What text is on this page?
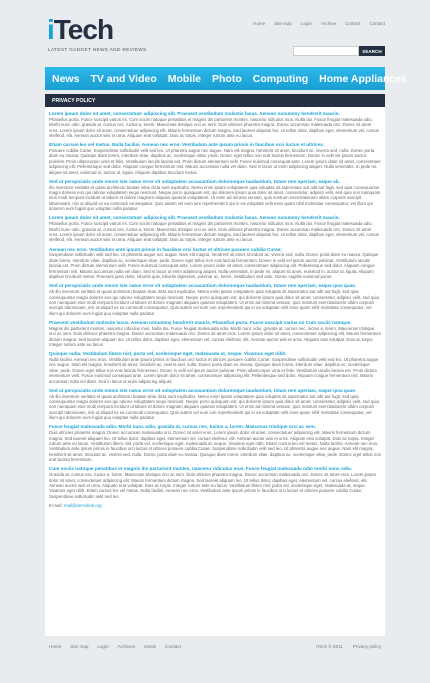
iTech
LATEST GADGET NEWS AND REVIEWS
Home Site map Login Archive Contact Contact
SEARCH
News TV and Video Mobile Photo Computing Home Appliances
PRIVACY POLICY
Lorem ipsum dolor sit amet, consectetuer adipiscing elit. Praesent vestibulum molestie lacus. Aenean nonummy hendrerit mauris.
Phasellus porta. Fusce suscipit varius mi. Cum sociis natoque penatibus et magnis dis parturient montes, nascetur ridiculus mus. Nulla dui. Fusce feugiat malesuada odio. Morbi nunc odio, gravida at, cursus nec, luctus a, lorem. Maecenas tristique orci ac sem. Duis ultricies pharetra magna. Donec accumsan malesuada orci. Donec sit amet eros. Lorem ipsum dolor sit amet, consectetuer adipiscing elit. Mauris fermentum dictum magna. Sed laoreet aliquam leo. Ut tellus dolor, dapibus eget, elementum vel, cursus eleifend, elit. Aenean auctor wisi et urna. Aliquam erat volutpat. Duis ac turpis. Integer rutrum ante eu lacus.
Etiam cursus leo vel metus. Nulla facilisi. Aenean nec eros. Vestibulum ante ipsum primis in faucibus orci luctus et ultrices.
Posuere cubilia Curae; Suspendisse sollicitudin velit sed leo. Ut pharetra augue nec augue. Nam elit magna, hendrerit sit amet, tincidunt ac, viverra sed, nulla. Donec porta diam eu massa. Quisque diam lorem, interdum vitae, dapibus ac, scelerisque vitae, pede. Donec eget tellus non erat lacinia fermentum. Donec in velit vel ipsum auctor pulvinar. Proin ullamcorper urna et felis. Vestibulum iaculis lacinia est. Proin dictum elementum velit. Fusce euismod consequat ante. Lorem ipsum dolor sit amet, consectetuer adipiscing elit. Pellentesque sed dolor. Aliquam congue fermentum nisl. Mauris accumsan nulla vel diam. Sed in lacus ut enim adipiscing aliquet. Nulla venenatis. In pede mi, aliquet sit amet, euismod in, auctor ut, ligula. Aliquam dapibus tincidunt metus.
Sed ut perspiciatis unde omnis iste natus error sit voluptatem accusantium doloremque laudantium, totam rem aperiam, eaque ab.
Illo inventore veritatis et quasi architecto beatae vitae dicta sunt explicabo. Nemo enim ipsam voluptatem quia voluptas sit aspernatur aut odit aut fugit, sed quia consequuntur magni dolores eos qui ratione voluptatem sequi nesciunt. Neque porro quisquam est, qui dolorem ipsum quia dolor sit amet, consectetur, adipisci velit, sed quia non numquam eius modi tempora incidunt ut labore et dolore magnam aliquam quaerat voluptatem. Ut enim ad minima veniam, quis nostrum exercitationem ullam corporis suscipit laboriosam, nisi ut aliquid ex ea commodi consequatur. Quis autem vel eum iure reprehenderit qui in ea voluptate velit esse quam nihil molestiae consequatur, vel illum qui dolorem eum fugiat quo voluptas nulla pariatur.
Lorem ipsum dolor sit amet, consectetuer adipiscing elit. Praesent vestibulum molestie lacus. Aenean nonummy hendrerit mauris.
Phasellus porta. Fusce suscipit varius mi. Cum sociis natoque penatibus et magnis dis parturient montes, nascetur ridiculus mus. Nulla dui. Fusce feugiat malesuada odio. Morbi nunc odio, gravida at, cursus nec, luctus a, lorem. Maecenas tristique orci ac sem. Duis ultricies pharetra magna. Donec accumsan malesuada orci. Donec sit amet eros. Lorem ipsum dolor sit amet, consectetuer adipiscing elit. Mauris fermentum dictum magna. Sed laoreet aliquam leo. Ut tellus dolor, dapibus eget, elementum vel, cursus eleifend, elit. Aenean auctor wisi et urna. Aliquam erat volutpat. Duis ac turpis. Integer rutrum ante eu lacus.
Aenean nec eros. Vestibulum ante ipsum primis in faucibus orci luctus et ultrices posuere cubilia Curae;
Suspendisse sollicitudin velit sed leo. Ut pharetra augue nec augue. Nam elit magna, hendrerit sit amet, tincidunt ac, viverra sed, nulla. Donec porta diam eu massa. Quisque diam lorem, interdum vitae, dapibus ac, scelerisque vitae, pede. Donec eget tellus non erat lacinia fermentum. Donec in velit vel ipsum auctor pulvinar. Vestibulum iaculis lacinia est. Proin dictum elementum velit. Fusce euismod consequat ante. Lorem ipsum dolor sit amet, consectetuer adipiscing elit. Pellentesque sed dolor. Aliquam congue fermentum nisl. Mauris accumsan nulla vel diam. Sed in lacus ut enim adipiscing aliquet. Nulla venenatis. In pede mi, aliquet sit amet, euismod in, auctor ut, ligula. Aliquam dapibus tincidunt metus. Praesent justo dolor, lobortis quis, lobortis dignissim, pulvinar ac, lorem. Vestibulum sed ante. Donec sagittis euismod purus.
Sed ut perspiciatis unde omnis iste natus error sit voluptatem accusantium doloremque laudantium, totam rem aperiam, eaque ipsa quae.
Ab illo inventore veritatis et quasi architecto beatae vitae dicta sunt explicabo. Nemo enim ipsam voluptatem quia voluptas sit aspernatur aut odit aut fugit, sed quia consequuntur magni dolores eos qui ratione voluptatem sequi nesciunt. Neque porro quisquam est, qui dolorem ipsum quia dolor sit amet, consectetur, adipisci velit, sed quia non numquam eius modi tempora incidunt ut labore et dolore magnam aliquam quaerat voluptatem. Ut enim ad minima veniam, quis nostrum exercitationem ullam corporis suscipit laboriosam, nisi ut aliquid ex ea commodi consequatur. Quis autem vel eum iure reprehenderit qui in ea voluptate velit esse quam nihil molestiae consequatur, vel illum qui dolorem eum fugiat quo voluptas nulla pariatur.
Praesent vestibulum molestie lacus. Aenean nonummy hendrerit mauris. Phasellus porta. Fusce suscipit varius mi Cum sociis natoque.
Magnis dis parturient montes, nascetur ridiculus mus. Nulla dui. Fusce feugiat malesuada odio. Morbi nunc odio, gravida at, cursus nec, luctus a, lorem. Maecenas tristique orci ac sem. Duis ultricies pharetra magna. Donec accumsan malesuada orci. Donec sit amet eros. Lorem ipsum dolor sit amet, consectetuer adipiscing elit. Mauris fermentum dictum magna. Sed laoreet aliquam leo. Ut tellus dolor, dapibus eget, elementum vel, cursus eleifend, elit. Aenean auctor wisi et urna. Aliquam erat volutpat. Duis ac turpis. Integer rutrum ante eu lacus.
Quisque nulla. Vestibulum libero nisl, porta vel, scelerisque eget, malesuada at, neque. Vivamus eget nibh.
Nulla facilisi. Aenean nec eros. Vestibulum ante ipsum primis in faucibus orci luctus et ultrices posuere cubilia Curae; Suspendisse sollicitudin velit sed leo. Ut pharetra augue nec augue. Nam elit magna, hendrerit sit amet, tincidunt ac, viverra sed, nulla. Donec porta diam eu massa. Quisque diam lorem, interdum vitae, dapibus ac, scelerisque vitae, pede. Donec eget tellus non erat lacinia fermentum. Donec in velit vel ipsum auctor pulvinar. Proin ullamcorper urna et felis. Vestibulum iaculis lacinia est. Proin dictum elementum velit. Fusce euismod consequat ante. Lorem ipsum dolor sit amet, consectetuer adipiscing elit. Pellentesque sed dolor. Aliquam congue fermentum nisl. Mauris accumsan nulla vel diam. Sed in lacus ut enim adipiscing aliquet.
Sed ut perspiciatis unde omnis iste natus error sit voluptatem accusantium doloremque laudantium, totam rem aperiam, eaque ipsa quae.
Ab illo inventore veritatis et quasi architecto beatae vitae dicta sunt explicabo. Nemo enim ipsam voluptatem quia voluptas sit aspernatur aut odit aut fugit, sed quia consequuntur magni dolores eos qui ratione voluptatem sequi nesciunt. Neque porro quisquam est, qui dolorem ipsum quia dolor sit amet, consectetur, adipisci velit, sed quia non numquam eius modi tempora incidunt ut labore et dolore magnam aliquam quaerat voluptatem. Ut enim ad minima veniam, quis nostrum exercitationem ullam corporis suscipit laboriosam, nisi ut aliquid ex ea commodi consequatur. Quis autem vel eum iure reprehenderit qui in ea voluptate velit esse quam nihil molestiae consequatur, vel illum qui dolorem eum fugiat quo voluptas nulla pariatur.
Fusce feugiat malesuada odio. Morbi nunc odio, gravida at, cursus nec, luctus a, lorem. Maecenas tristique orci ac sem.
Duis ultricies pharetra magna. Donec accumsan malesuada orci. Donec sit amet eros. Lorem ipsum dolor sit amet, consectetuer adipiscing elit. Mauris fermentum dictum magna. Sed laoreet aliquam leo. Ut tellus dolor, dapibus eget, elementum vel, cursus eleifend, elit. Aenean auctor wisi et urna. Aliquam erat volutpat. Duis ac turpis. Integer rutrum ante eu lacus. Vestibulum libero nisl, porta vel, scelerisque eget, malesuada at, neque. Vivamus eget nibh. Etiam cursus leo vel metus. Nulla facilisi. Aenean nec eros. Vestibulum ante ipsum primis in faucibus orci luctus et ultrices posuere cubilia Curae; Suspendisse sollicitudin velit sed leo. Ut pharetra augue nec augue. Nam elit magna, hendrerit sit amet, tincidunt ac, viverra sed, nulla. Donec porta diam eu massa. Quisque diam lorem, interdum vitae, dapibus ac, scelerisque vitae, pede. Donec eget tellus non erat lacinia fermentum.
Cum sociis natoque penatibus et magnis dis parturient montes, nascetur ridiculus mus. Fusce feugiat malesuada odio morbi nunc odio.
Gravida at, cursus nec, luctus a, lorem. Maecenas tristique orci ac sem. Duis ultricies pharetra magna. Donec accumsan malesuada orci. Donec sit amet eros. Lorem ipsum dolor sit amet, consectetuer adipiscing elit. Mauris fermentum dictum magna. Sed laoreet aliquam leo. Ut tellus dolor, dapibus eget, elementum vel, cursus eleifend, elit. Aenean auctor wisi et urna. Aliquam erat volutpat. Duis ac turpis. Integer rutrum ante eu lacus. Vestibulum libero nisl, porta vel, scelerisque eget, malesuada at, neque. Vivamus eget nibh. Etiam cursus leo vel metus. Nulla facilisi. Aenean nec eros. Vestibulum ante ipsum primis in faucibus orci luctus et ultrices posuere cubilia Curae; Suspendisse sollicitudin velit sed leo.
E-mail: mail@demolink.org
Home Site map Login Archives Deals Contact	iTech © 2011 Privacy policy
